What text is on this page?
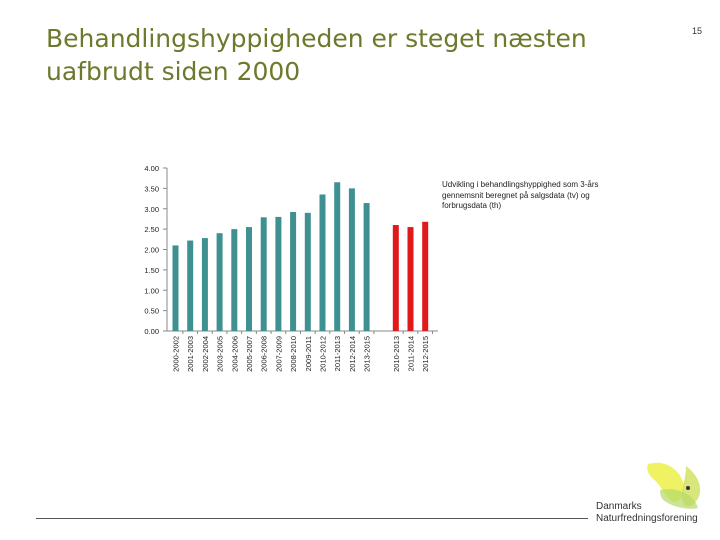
Behandlingshyppigheden er steget næsten
uafbrudt siden 2000
15
0.00
0.50
1.00
1.50
2.00
2.50
3.00
3.50
4.00
2000-2002 2001-2003 2002-2004 2003-2005 2004-2006 2005-2007 2006-2008 2007-2009 2008-2010 2009-2011 2010-2012 2011-2013 2012-2014 2013-2015	2010-2013 2011-2014 2012-2015
Udvikling i behandlingshyppighed som 3-års gennemsnit beregnet på salgsdata (tv) og forbrugsdata (th)
Danmarks
Naturfredningsforening
